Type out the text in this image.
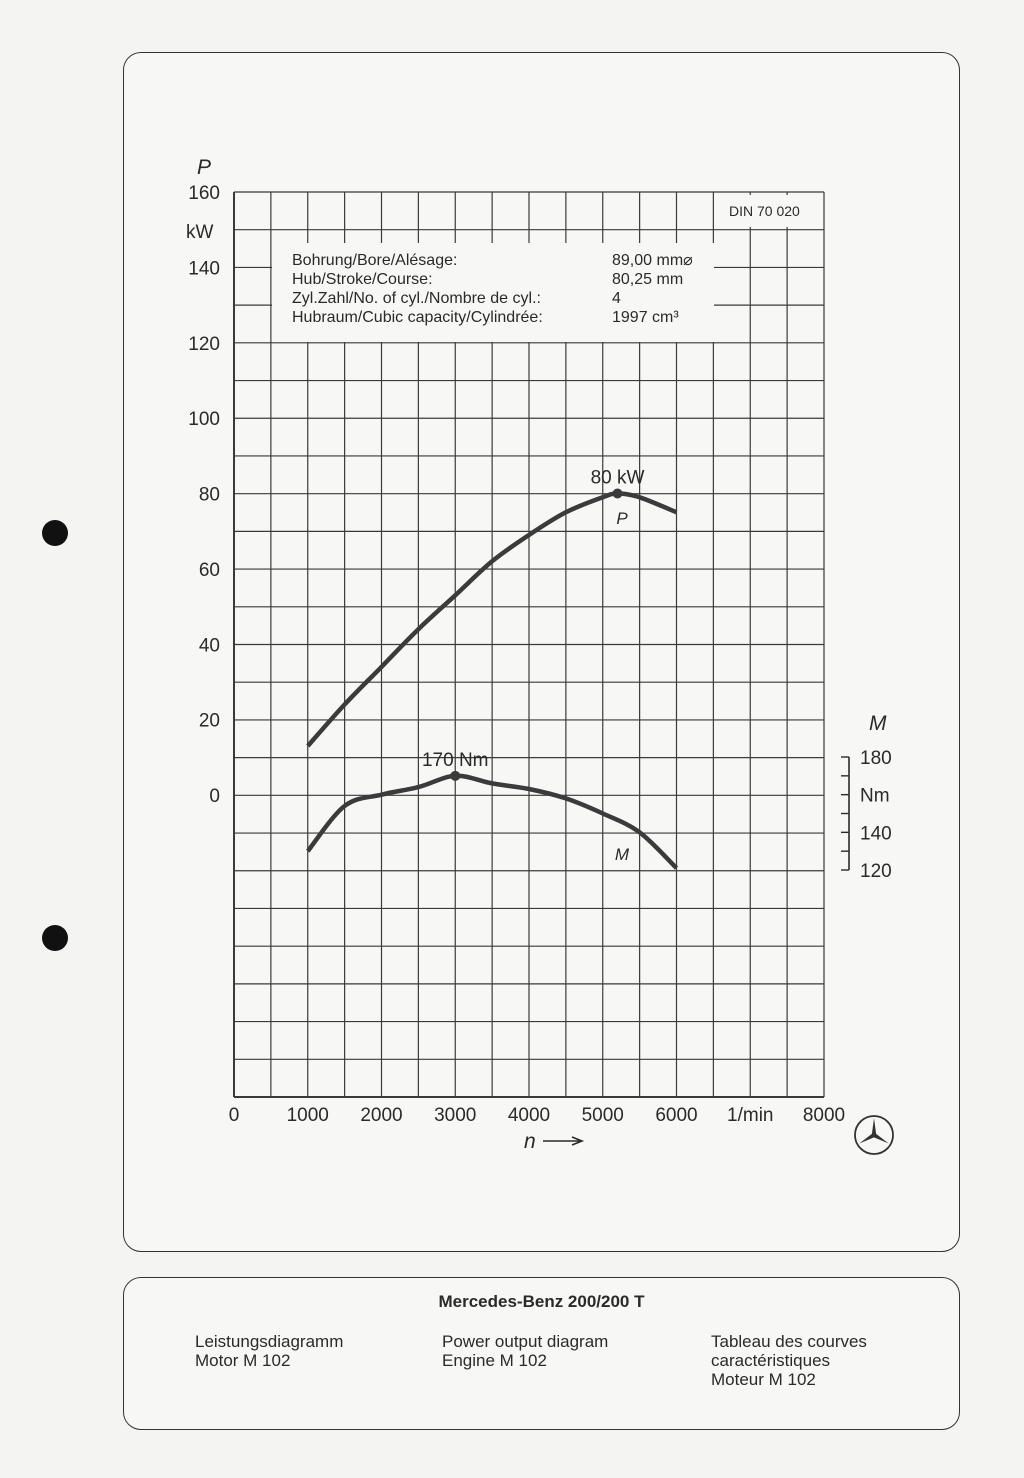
Bohrung/Bore/Alésage:	89,00 mm⌀
Hub/Stroke/Course:	80,25 mm
Zyl.Zahl/No. of cyl./Nombre de cyl.:	4
Hubraum/Cubic capacity/Cylindrée:	1997 cm³
DIN 70 020
P
160
140
120
100
80
60
40
20
0
kW
0 1000 2000 3000 4000 5000 6000 1/min 8000
n
M
180
140
120
Nm
80 kW
170 Nm
P
M
Mercedes-Benz 200/200 T
Leistungsdiagramm
Motor M 102
Power output diagram
Engine M 102
Tableau des courves
caractéristiques
Moteur M 102
